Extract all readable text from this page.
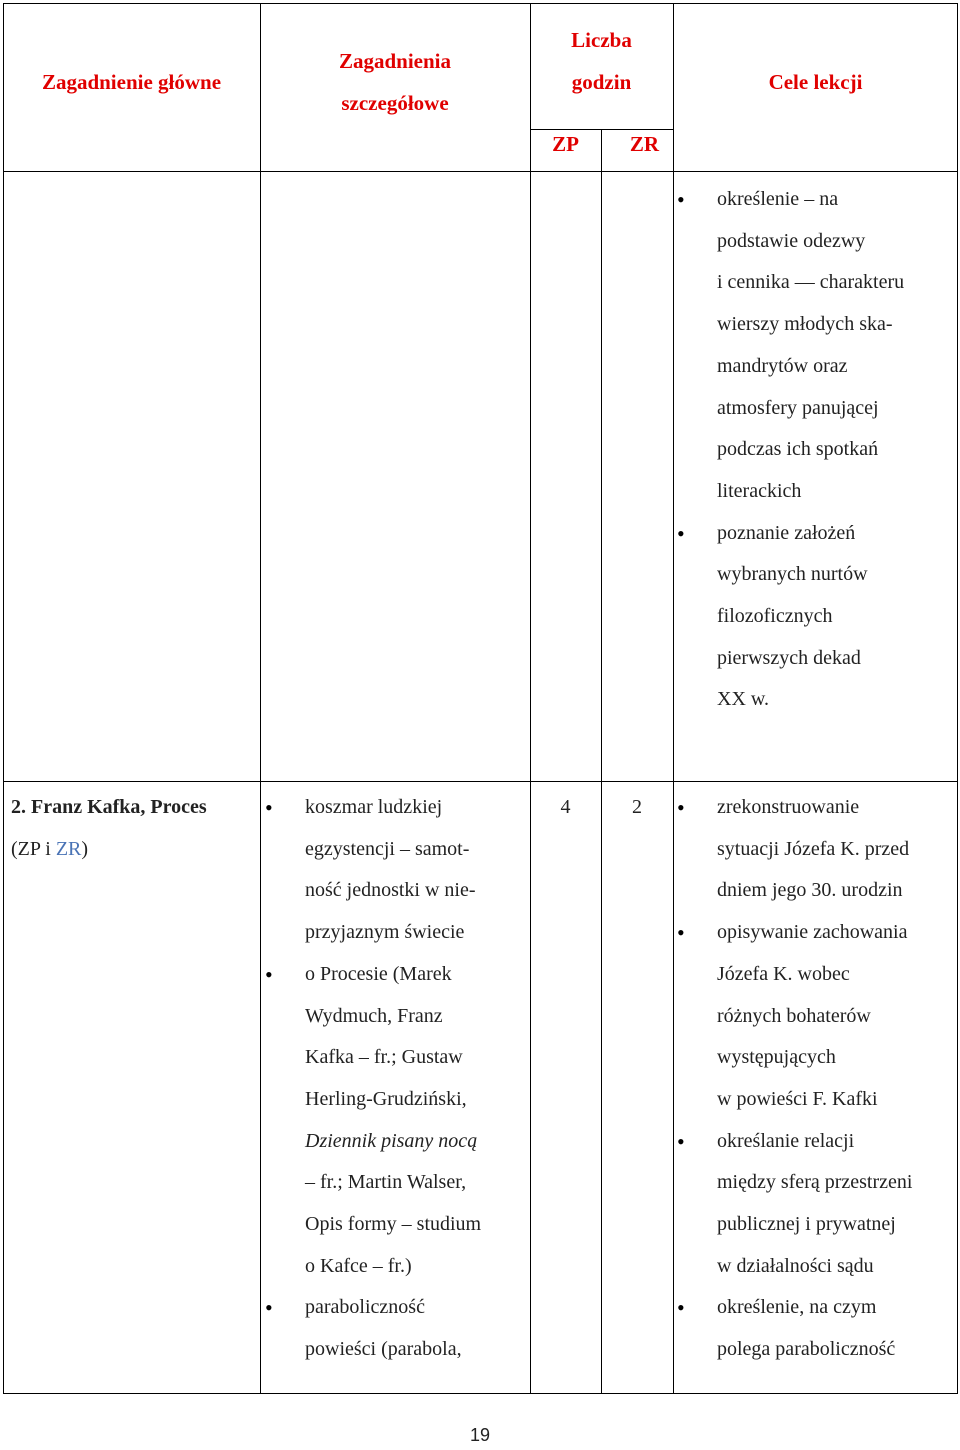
Zagadnienie główne
Zagadnienia
szczegółowe
Liczba
godzin
ZP	ZR
Cele lekcji
• określenie – na
podstawie odezwy
i cennika — charakteru
wierszy młodych ska-
mandrytów oraz
atmosfery panującej
podczas ich spotkań
literackich
• poznanie założeń
wybranych nurtów
filozoficznych
pierwszych dekad
XX w.
2. Franz Kafka, Proces
(ZP i ZR)
• koszmar ludzkiej
egzystencji – samot-
ność jednostki w nie-
przyjaznym świecie
• o Procesie (Marek
Wydmuch, Franz
Kafka – fr.; Gustaw
Herling-Grudziński,
Dziennik pisany nocą
– fr.; Martin Walser,
Opis formy – studium
o Kafce – fr.)
• paraboliczność
powieści (parabola,
4	2
•	zrekonstruowanie
sytuacji Józefa K. przed
dniem jego 30. urodzin
• opisywanie zachowania
Józefa K. wobec
różnych bohaterów
występujących
w powieści F. Kafki
• określanie relacji
między sferą przestrzeni
publicznej i prywatnej
w działalności sądu
• określenie, na czym
polega paraboliczność
19
